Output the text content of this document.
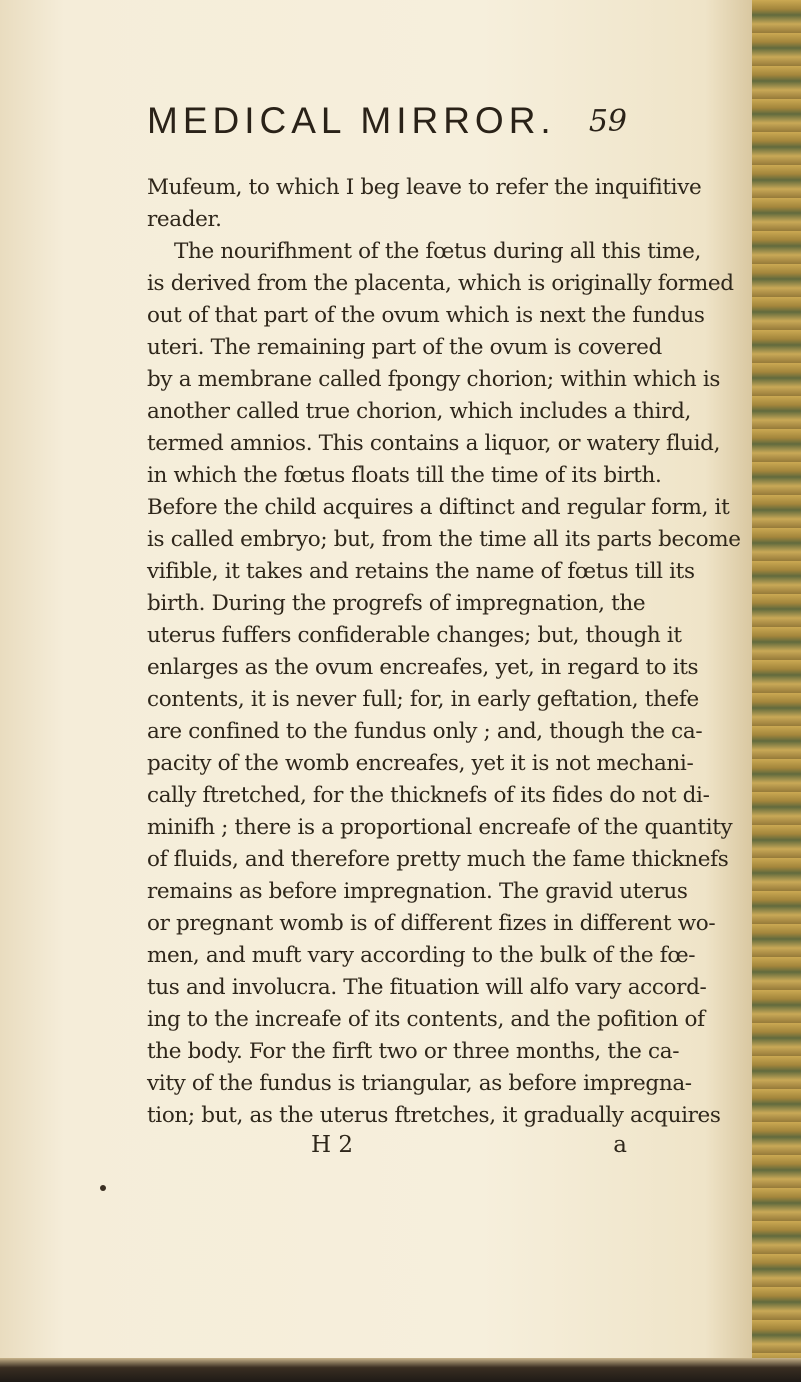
MEDICAL MIRROR. 59
Mufeum, to which I beg leave to refer the inquifitive
reader.
The nourifhment of the fœtus during all this time,
is derived from the placenta, which is originally formed
out of that part of the ovum which is next the fundus
uteri. The remaining part of the ovum is covered
by a membrane called fpongy chorion; within which is
another called true chorion, which includes a third,
termed amnios. This contains a liquor, or watery fluid,
in which the fœtus floats till the time of its birth.
Before the child acquires a diftinct and regular form, it
is called embryo; but, from the time all its parts become
vifible, it takes and retains the name of fœtus till its
birth. During the progrefs of impregnation, the
uterus fuffers confiderable changes; but, though it
enlarges as the ovum encreafes, yet, in regard to its
contents, it is never full; for, in early geftation, thefe
are confined to the fundus only ; and, though the ca-
pacity of the womb encreafes, yet it is not mechani-
cally ftretched, for the thicknefs of its fides do not di-
minifh ; there is a proportional encreafe of the quantity
of fluids, and therefore pretty much the fame thicknefs
remains as before impregnation. The gravid uterus
or pregnant womb is of different fizes in different wo-
men, and muft vary according to the bulk of the fœ-
tus and involucra. The fituation will alfo vary accord-
ing to the increafe of its contents, and the pofition of
the body. For the firft two or three months, the ca-
vity of the fundus is triangular, as before impregna-
tion; but, as the uterus ftretches, it gradually acquires
H 2	a
